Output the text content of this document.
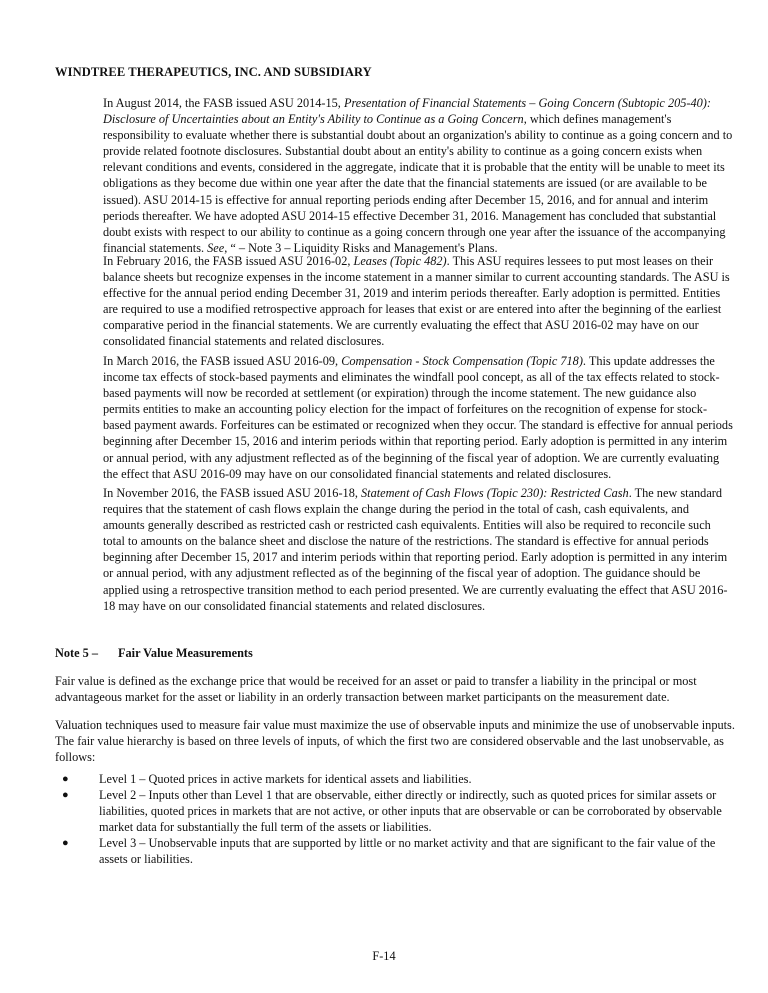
WINDTREE THERAPEUTICS, INC. AND SUBSIDIARY

In August 2014, the FASB issued ASU 2014-15, Presentation of Financial Statements – Going Concern (Subtopic 205-40): Disclosure of Uncertainties about an Entity's Ability to Continue as a Going Concern, which defines management's responsibility to evaluate whether there is substantial doubt about an organization's ability to continue as a going concern and to provide related footnote disclosures. Substantial doubt about an entity's ability to continue as a going concern exists when relevant conditions and events, considered in the aggregate, indicate that it is probable that the entity will be unable to meet its obligations as they become due within one year after the date that the financial statements are issued (or are available to be issued). ASU 2014-15 is effective for annual reporting periods ending after December 15, 2016, and for annual and interim periods thereafter. We have adopted ASU 2014-15 effective December 31, 2016. Management has concluded that substantial doubt exists with respect to our ability to continue as a going concern through one year after the issuance of the accompanying financial statements. See, “ – Note 3 – Liquidity Risks and Management's Plans.

In February 2016, the FASB issued ASU 2016-02, Leases (Topic 482). This ASU requires lessees to put most leases on their balance sheets but recognize expenses in the income statement in a manner similar to current accounting standards. The ASU is effective for the annual period ending December 31, 2019 and interim periods thereafter. Early adoption is permitted. Entities are required to use a modified retrospective approach for leases that exist or are entered into after the beginning of the earliest comparative period in the financial statements. We are currently evaluating the effect that ASU 2016-02 may have on our consolidated financial statements and related disclosures.

In March 2016, the FASB issued ASU 2016-09, Compensation - Stock Compensation (Topic 718). This update addresses the income tax effects of stock-based payments and eliminates the windfall pool concept, as all of the tax effects related to stock-based payments will now be recorded at settlement (or expiration) through the income statement. The new guidance also permits entities to make an accounting policy election for the impact of forfeitures on the recognition of expense for stock-based payment awards. Forfeitures can be estimated or recognized when they occur. The standard is effective for annual periods beginning after December 15, 2016 and interim periods within that reporting period. Early adoption is permitted in any interim or annual period, with any adjustment reflected as of the beginning of the fiscal year of adoption. We are currently evaluating the effect that ASU 2016-09 may have on our consolidated financial statements and related disclosures.

In November 2016, the FASB issued ASU 2016-18, Statement of Cash Flows (Topic 230): Restricted Cash. The new standard requires that the statement of cash flows explain the change during the period in the total of cash, cash equivalents, and amounts generally described as restricted cash or restricted cash equivalents. Entities will also be required to reconcile such total to amounts on the balance sheet and disclose the nature of the restrictions. The standard is effective for annual periods beginning after December 15, 2017 and interim periods within that reporting period. Early adoption is permitted in any interim or annual period, with any adjustment reflected as of the beginning of the fiscal year of adoption. The guidance should be applied using a retrospective transition method to each period presented. We are currently evaluating the effect that ASU 2016-18 may have on our consolidated financial statements and related disclosures.

Note 5 – Fair Value Measurements

Fair value is defined as the exchange price that would be received for an asset or paid to transfer a liability in the principal or most advantageous market for the asset or liability in an orderly transaction between market participants on the measurement date.

Valuation techniques used to measure fair value must maximize the use of observable inputs and minimize the use of unobservable inputs. The fair value hierarchy is based on three levels of inputs, of which the first two are considered observable and the last unobservable, as follows:

● Level 1 – Quoted prices in active markets for identical assets and liabilities.
● Level 2 – Inputs other than Level 1 that are observable, either directly or indirectly, such as quoted prices for similar assets or liabilities, quoted prices in markets that are not active, or other inputs that are observable or can be corroborated by observable market data for substantially the full term of the assets or liabilities.
● Level 3 – Unobservable inputs that are supported by little or no market activity and that are significant to the fair value of the assets or liabilities.
F-14
